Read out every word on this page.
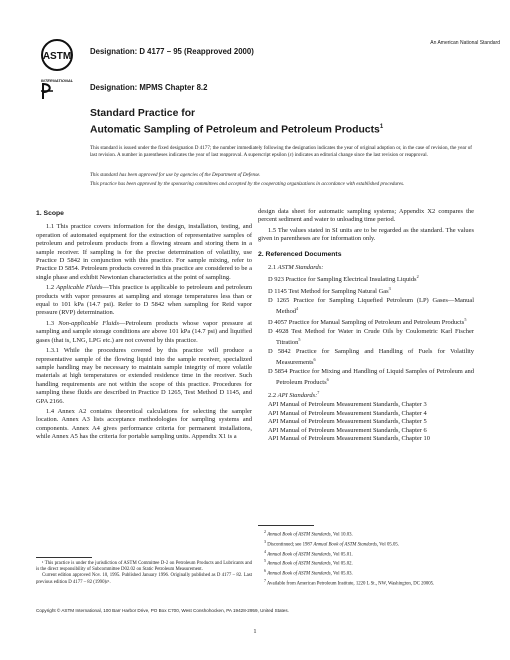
ASTM
INTERNATIONAL
Designation: D 4177 – 95 (Reapproved 2000)
An American National Standard
Designation: MPMS Chapter 8.2
Standard Practice for
Automatic Sampling of Petroleum and Petroleum Products$^1$
This standard is issued under the fixed designation D 4177; the number immediately following the designation indicates the year of original adoption or, in the case of revision, the year of last revision. A number in parentheses indicates the year of last reapproval. A superscript epsilon (ε) indicates an editorial change since the last revision or reapproval.
This standard has been approved for use by agencies of the Department of Defense.
This practice has been approved by the sponsoring committees and accepted by the cooperating organizations in accordance with established procedures.
1. Scope

1.1 This practice covers information for the design, installation, testing, and operation of automated equipment for the extraction of representative samples of petroleum and petroleum products from a flowing stream and storing them in a sample receiver. If sampling is for the precise determination of volatility, use Practice D 5842 in conjunction with this practice. For sample mixing, refer to Practice D 5854. Petroleum products covered in this practice are considered to be a single phase and exhibit Newtonian characteristics at the point of sampling.

1.2 Applicable Fluids—This practice is applicable to petroleum and petroleum products with vapor pressures at sampling and storage temperatures less than or equal to 101 kPa (14.7 psi). Refer to D 5842 when sampling for Reid vapor pressure (RVP) determination.

1.3 Non-applicable Fluids—Petroleum products whose vapor pressure at sampling and sample storage conditions are above 101 kPa (14.7 psi) and liquified gases (that is, LNG, LPG etc.) are not covered by this practice.

1.3.1 While the procedures covered by this practice will produce a representative sample of the flowing liquid into the sample receiver, specialized sample handling may be necessary to maintain sample integrity of more volatile materials at high temperatures or extended residence time in the receiver. Such handling requirements are not within the scope of this practice. Procedures for sampling these fluids are described in Practice D 1265, Test Method D 1145, and GPA 2166.

1.4 Annex A2 contains theoretical calculations for selecting the sampler location. Annex A3 lists acceptance methodologies for sampling systems and components. Annex A4 gives performance criteria for permanent installations, while Annex A5 has the criteria for portable sampling units. Appendix X1 is a

¹ This practice is under the jurisdiction of ASTM Committee D-2 on Petroleum Products and Lubricants and is the direct responsibility of Subcommittee D02.02 on Static Petroleum Measurement.

Current edition approved Nov. 10, 1995. Published January 1996. Originally published as D 4177 – 82. Last previous edition D 4177 – 82 (1990)ε¹.

design data sheet for automatic sampling systems; Appendix X2 compares the percent sediment and water to unloading time period.

1.5 The values stated in SI units are to be regarded as the standard. The values given in parentheses are for information only.

2. Referenced Documents
2.1 ASTM Standards:
D 923 Practice for Sampling Electrical Insulating Liquids$^2$
D 1145 Test Method for Sampling Natural Gas$^3$
D 1265 Practice for Sampling Liquefied Petroleum (LP) Gases—Manual Method$^4$
D 4057 Practice for Manual Sampling of Petroleum and Petroleum Products$^5$
D 4928 Test Method for Water in Crude Oils by Coulometric Karl Fischer Titration$^5$
D 5842 Practice for Sampling and Handling of Fuels for Volatility Measurements$^6$
D 5854 Practice for Mixing and Handling of Liquid Samples of Petroleum and Petroleum Products$^6$
2.2 API Standards:$^7$
API Manual of Petroleum Measurement Standards, Chapter 3
API Manual of Petroleum Measurement Standards, Chapter 4
API Manual of Petroleum Measurement Standards, Chapter 5
API Manual of Petroleum Measurement Standards, Chapter 6
API Manual of Petroleum Measurement Standards, Chapter 10

$^2$ Annual Book of ASTM Standards, Vol 10.03.

$^3$ Discontinued; see 1987 Annual Book of ASTM Standards, Vol 05.05.

$^4$ Annual Book of ASTM Standards, Vol 05.01.

$^5$ Annual Book of ASTM Standards, Vol 05.02.

$^6$ Annual Book of ASTM Standards, Vol 05.03.

$^7$ Available from American Petroleum Institute, 1220 L St., NW, Washington, DC 20005.

Copyright © ASTM International, 100 Barr Harbor Drive, PO Box C700, West Conshohocken, PA 19428-2959, United States.
1
